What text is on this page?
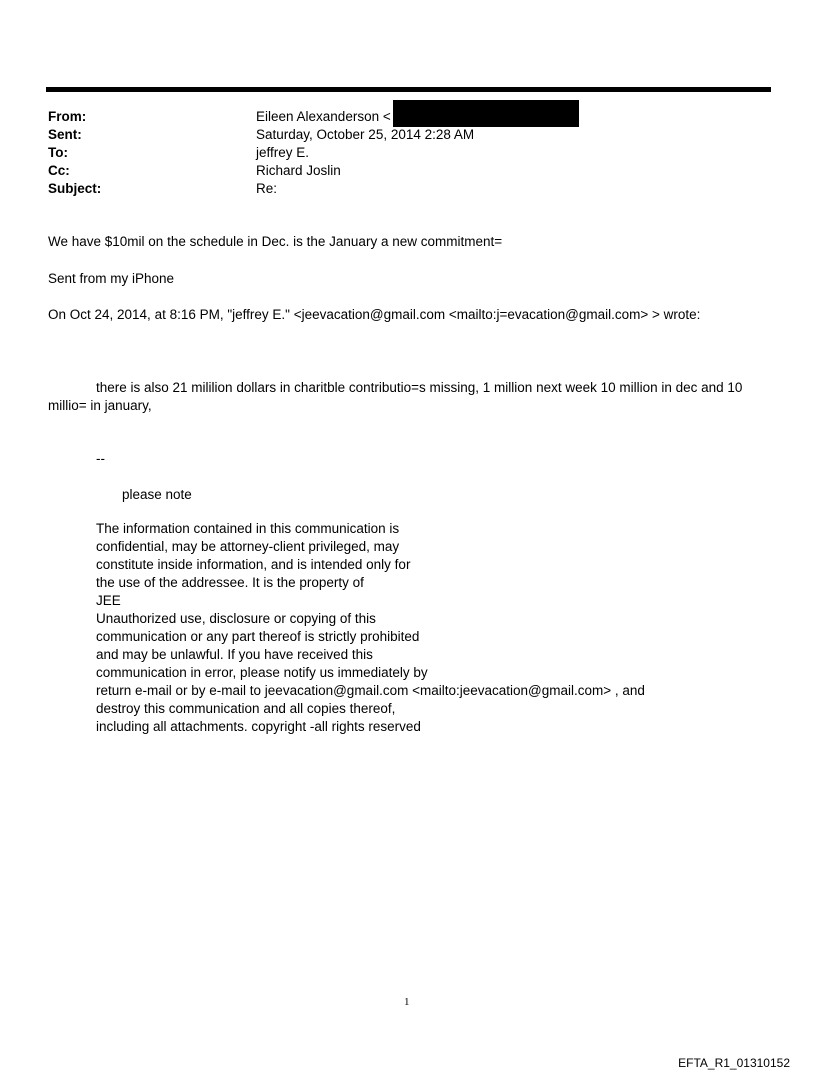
From:	Eileen Alexanderson <
Sent:	Saturday, October 25, 2014 2:28 AM
To:	jeffrey E.
Cc:	Richard Joslin
Subject:	Re:
We have $10mil on the schedule in Dec. is the January a new commitment=
Sent from my iPhone
On Oct 24, 2014, at 8:16 PM, "jeffrey E." <jeevacation@gmail.com <mailto:j=evacation@gmail.com> > wrote:
there is also 21 mililion dollars in charitble contributio=s missing, 1 million next week 10 million in dec and 10
millio= in january,
--
please note
The information contained in this communication is
confidential, may be attorney-client privileged, may
constitute inside information, and is intended only for
the use of the addressee. It is the property of
JEE
Unauthorized use, disclosure or copying of this
communication or any part thereof is strictly prohibited
and may be unlawful. If you have received this
communication in error, please notify us immediately by
return e-mail or by e-mail to jeevacation@gmail.com <mailto:jeevacation@gmail.com> , and
destroy this communication and all copies thereof,
including all attachments. copyright -all rights reserved
1
EFTA_R1_01310152
